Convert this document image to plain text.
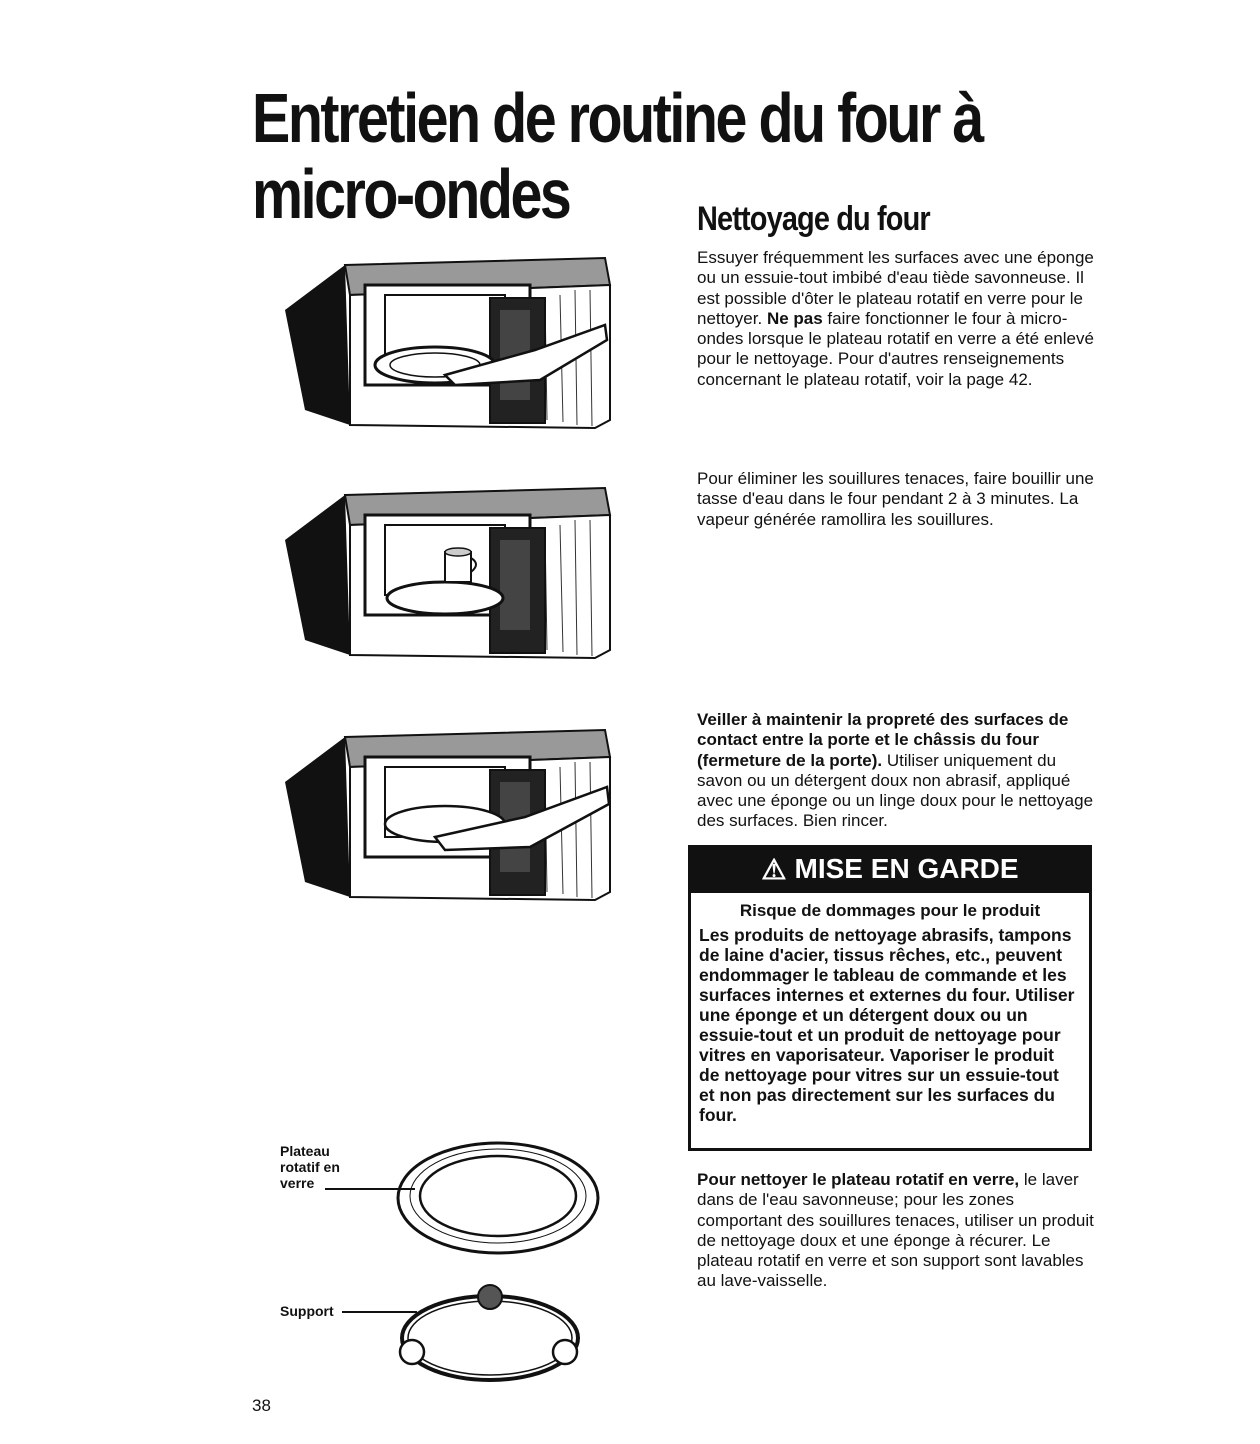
Entretien de routine du four à micro-ondes	Nettoyage du four

Essuyer fréquemment les surfaces avec une éponge ou un essuie-tout imbibé d'eau tiède savonneuse. Il est possible d'ôter le plateau rotatif en verre pour le nettoyer. Ne pas faire fonctionner le four à micro-ondes lorsque le plateau rotatif en verre a été enlevé pour le nettoyage. Pour d'autres renseignements concernant le plateau rotatif, voir la page 42.

Pour éliminer les souillures tenaces, faire bouillir une tasse d'eau dans le four pendant 2 à 3 minutes. La vapeur générée ramollira les souillures.

Veiller à maintenir la propreté des surfaces de contact entre la porte et le châssis du four (fermeture de la porte). Utiliser uniquement du savon ou un détergent doux non abrasif, appliqué avec une éponge ou un linge doux pour le nettoyage des surfaces. Bien rincer.

⚠ MISE EN GARDE
Risque de dommages pour le produit
Les produits de nettoyage abrasifs, tampons de laine d'acier, tissus rêches, etc., peuvent endommager le tableau de commande et les surfaces internes et externes du four. Utiliser une éponge et un détergent doux ou un essuie-tout et un produit de nettoyage pour vitres en vaporisateur. Vaporiser le produit de nettoyage pour vitres sur un essuie-tout et non pas directement sur les surfaces du four.

Pour nettoyer le plateau rotatif en verre, le laver dans de l'eau savonneuse; pour les zones comportant des souillures tenaces, utiliser un produit de nettoyage doux et une éponge à récurer. Le plateau rotatif en verre et son support sont lavables au lave-vaisselle.

Plateau rotatif en verre
Support
38
